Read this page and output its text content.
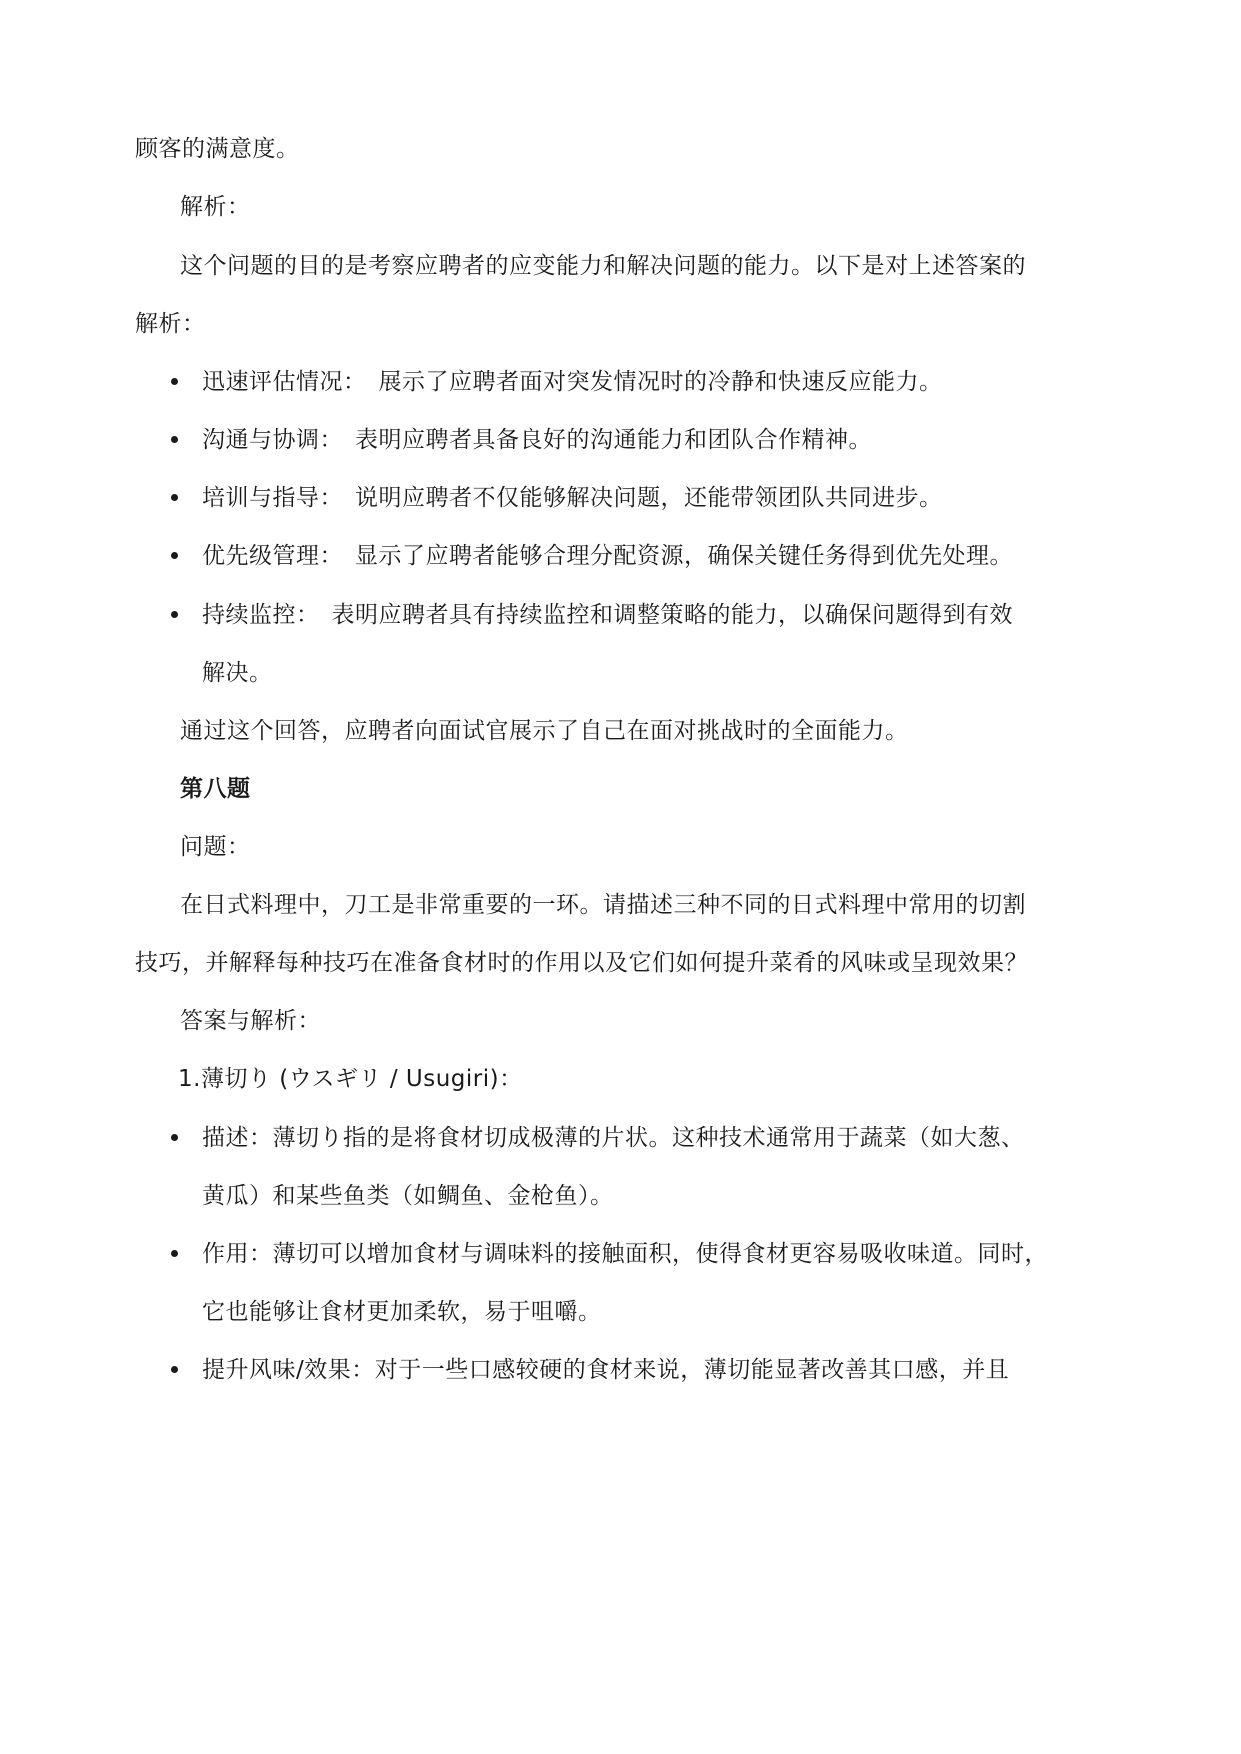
顾客的满意度。
解析：
这个问题的目的是考察应聘者的应变能力和解决问题的能力。以下是对上述答案的
解析：
迅速评估情况：　展示了应聘者面对突发情况时的冷静和快速反应能力。
沟通与协调：　表明应聘者具备良好的沟通能力和团队合作精神。
培训与指导：　说明应聘者不仅能够解决问题，还能带领团队共同进步。
优先级管理：　显示了应聘者能够合理分配资源，确保关键任务得到优先处理。
持续监控：　表明应聘者具有持续监控和调整策略的能力，以确保问题得到有效
解决。
通过这个回答，应聘者向面试官展示了自己在面对挑战时的全面能力。
第八题
问题：
在日式料理中，刀工是非常重要的一环。请描述三种不同的日式料理中常用的切割
技巧，并解释每种技巧在准备食材时的作用以及它们如何提升菜肴的风味或呈现效果？
答案与解析：
1.薄切り (ウスギリ / Usugiri)：
描述：薄切り指的是将食材切成极薄的片状。这种技术通常用于蔬菜（如大葱、
黄瓜）和某些鱼类（如鲷鱼、金枪鱼）。
作用：薄切可以增加食材与调味料的接触面积，使得食材更容易吸收味道。同时，
它也能够让食材更加柔软，易于咀嚼。
提升风味/效果：对于一些口感较硬的食材来说，薄切能显著改善其口感，并且
